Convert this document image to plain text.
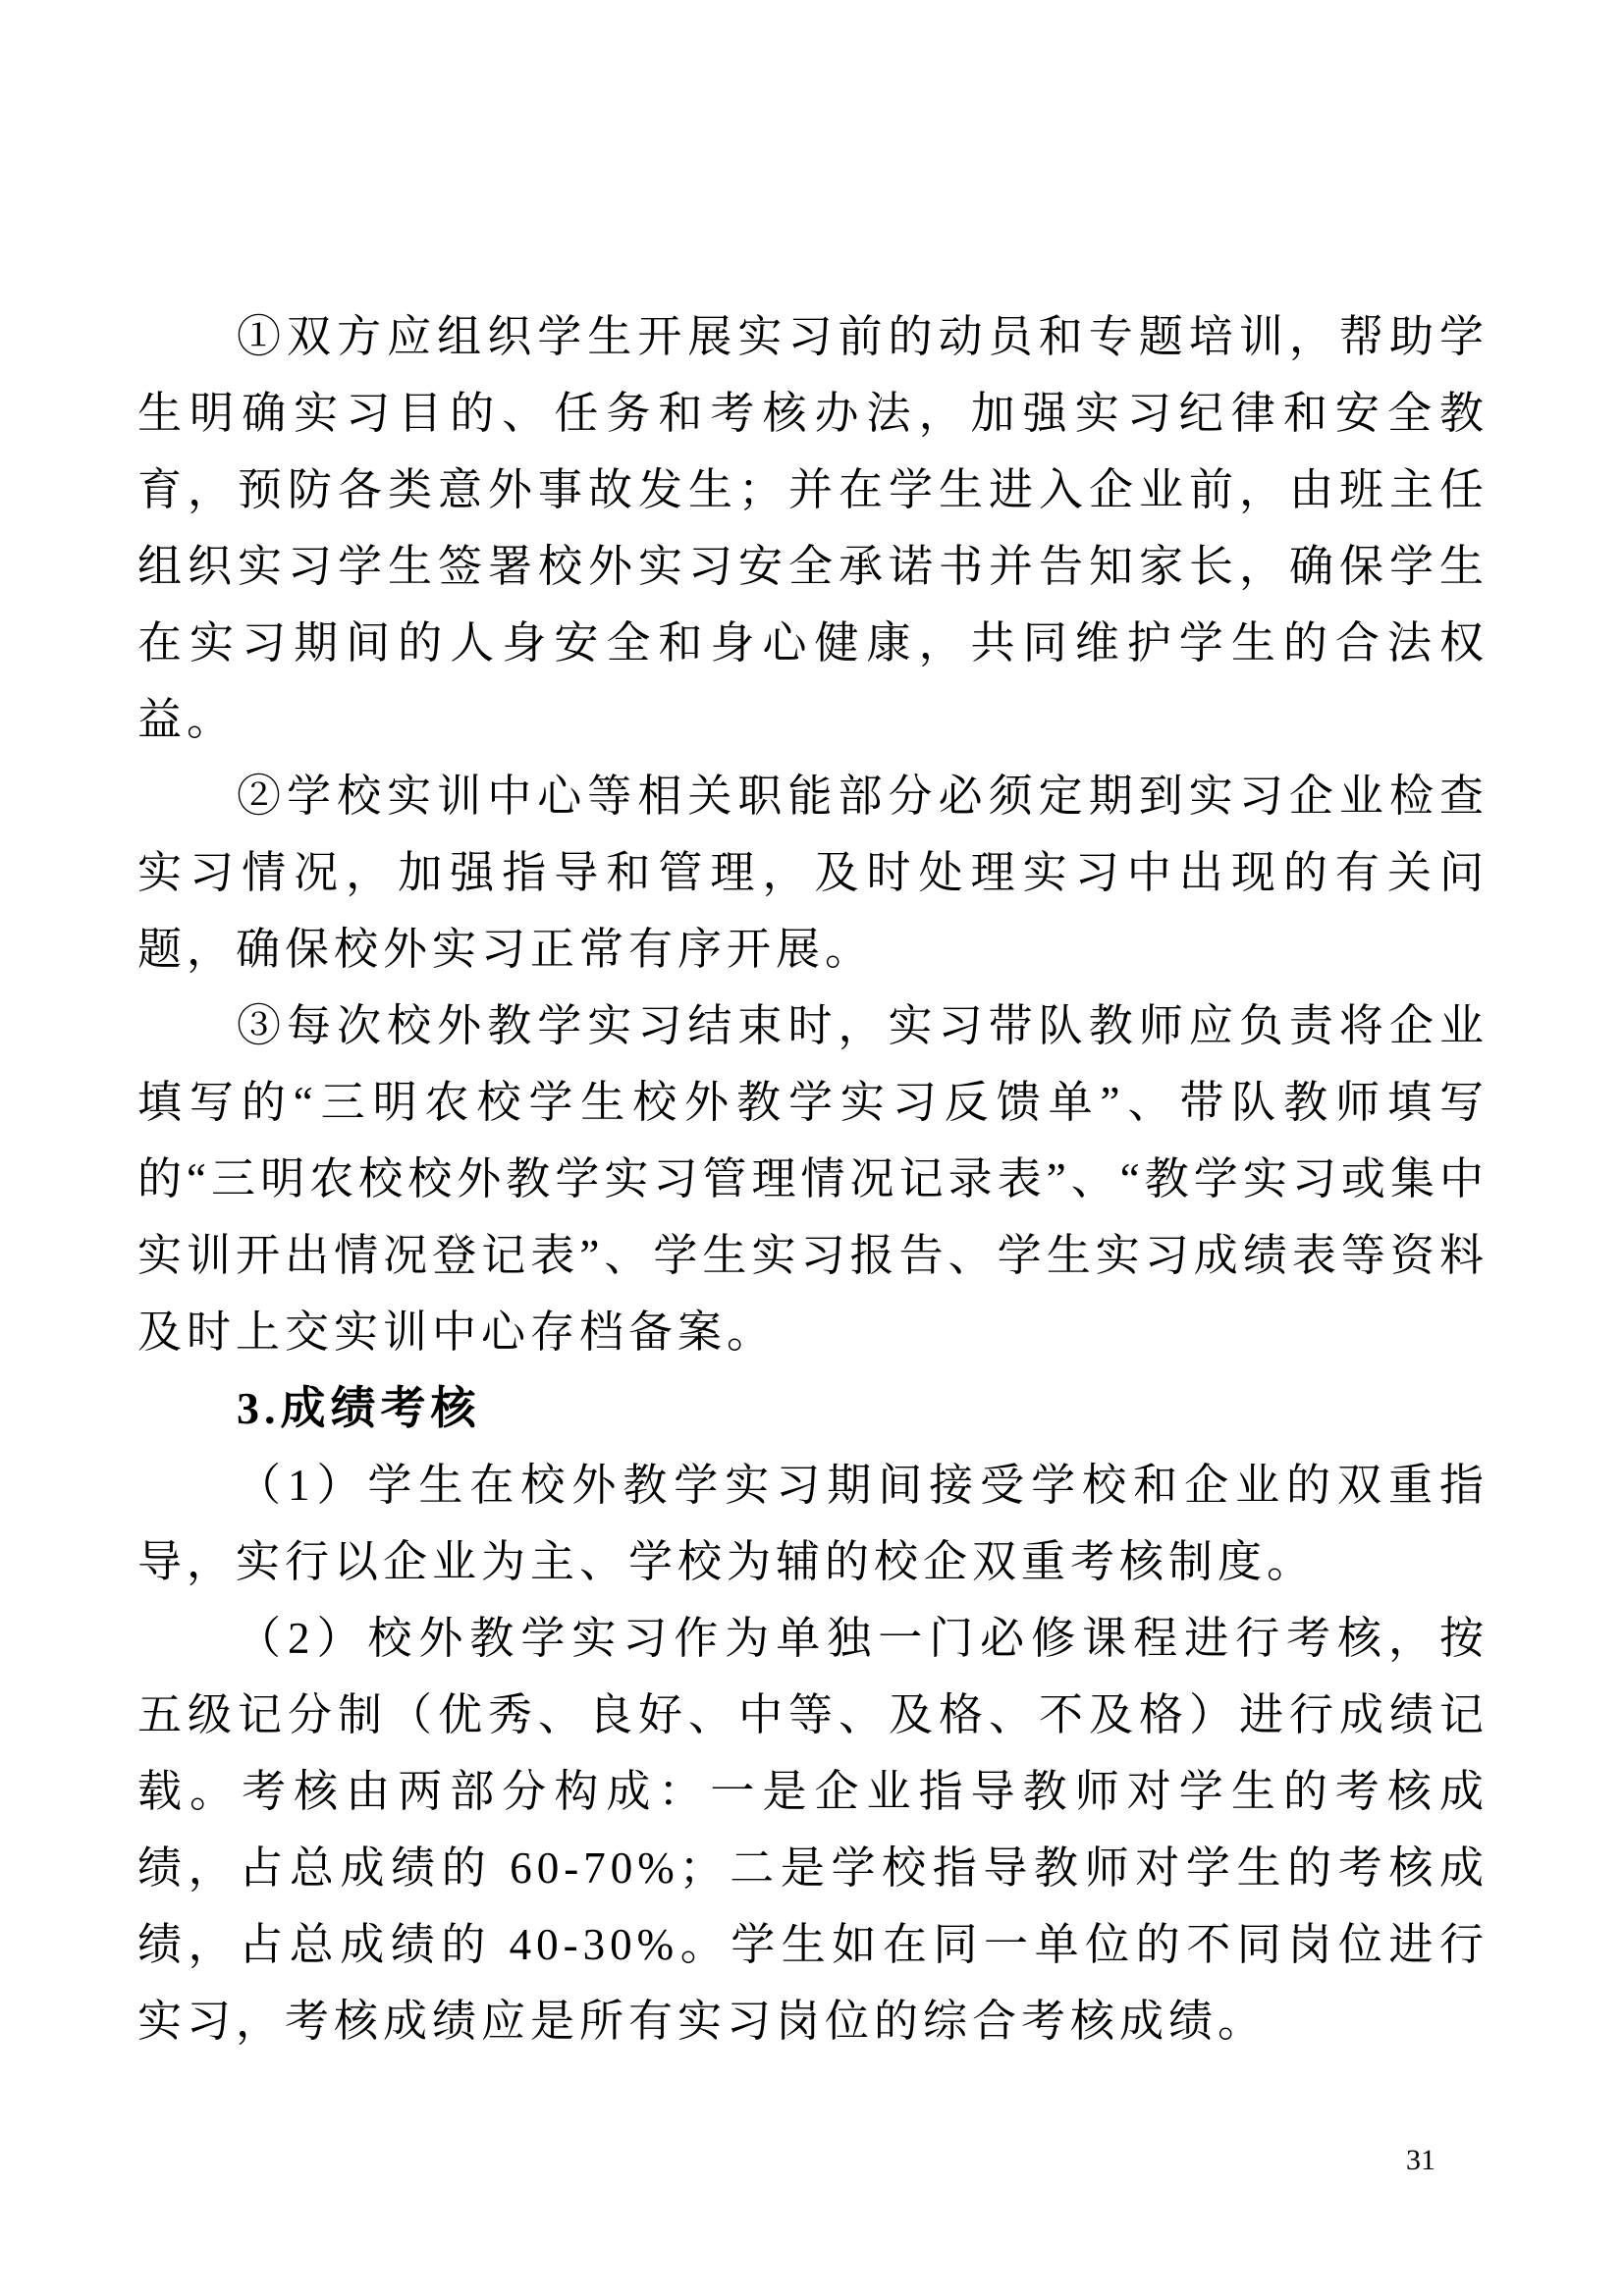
①双方应组织学生开展实习前的动员和专题培训，帮助学生明确实习目的、任务和考核办法，加强实习纪律和安全教育，预防各类意外事故发生；并在学生进入企业前，由班主任组织实习学生签署校外实习安全承诺书并告知家长，确保学生在实习期间的人身安全和身心健康，共同维护学生的合法权益。

②学校实训中心等相关职能部分必须定期到实习企业检查实习情况，加强指导和管理，及时处理实习中出现的有关问题，确保校外实习正常有序开展。

③每次校外教学实习结束时，实习带队教师应负责将企业填写的“三明农校学生校外教学实习反馈单”、带队教师填写的“三明农校校外教学实习管理情况记录表”、“教学实习或集中实训开出情况登记表”、学生实习报告、学生实习成绩表等资料及时上交实训中心存档备案。

3.成绩考核

（1）学生在校外教学实习期间接受学校和企业的双重指导，实行以企业为主、学校为辅的校企双重考核制度。

（2）校外教学实习作为单独一门必修课程进行考核，按五级记分制（优秀、良好、中等、及格、不及格）进行成绩记载。考核由两部分构成：一是企业指导教师对学生的考核成绩，占总成绩的 60-70%；二是学校指导教师对学生的考核成绩，占总成绩的 40-30%。学生如在同一单位的不同岗位进行实习，考核成绩应是所有实习岗位的综合考核成绩。

31
